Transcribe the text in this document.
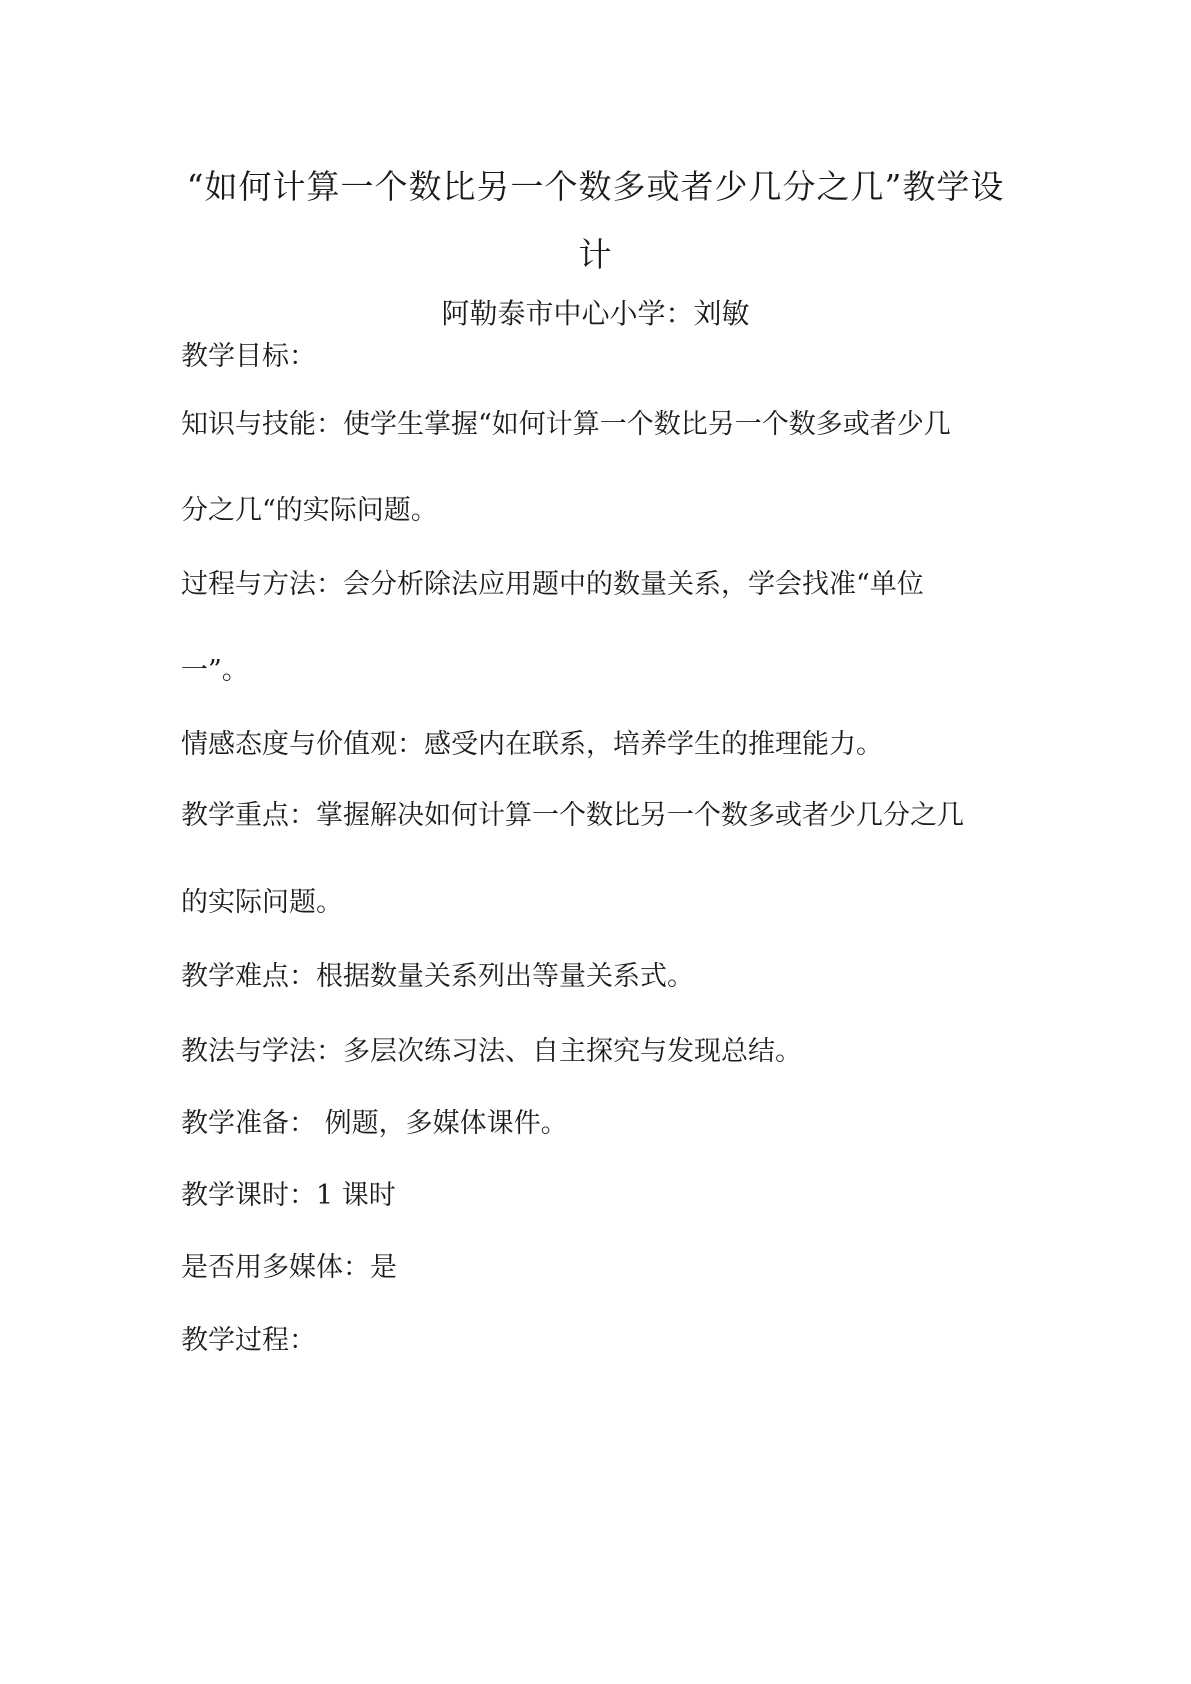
“如何计算一个数比另一个数多或者少几分之几”教学设
计
阿勒泰市中心小学：刘敏
教学目标：
知识与技能：使学生掌握“如何计算一个数比另一个数多或者少几
分之几“的实际问题。
过程与方法：会分析除法应用题中的数量关系，学会找准“单位
一”。
情感态度与价值观：感受内在联系，培养学生的推理能力。
教学重点：掌握解决如何计算一个数比另一个数多或者少几分之几
的实际问题。
教学难点：根据数量关系列出等量关系式。
教法与学法：多层次练习法、自主探究与发现总结。
教学准备： 例题，多媒体课件。
教学课时：1 课时
是否用多媒体：是
教学过程：
